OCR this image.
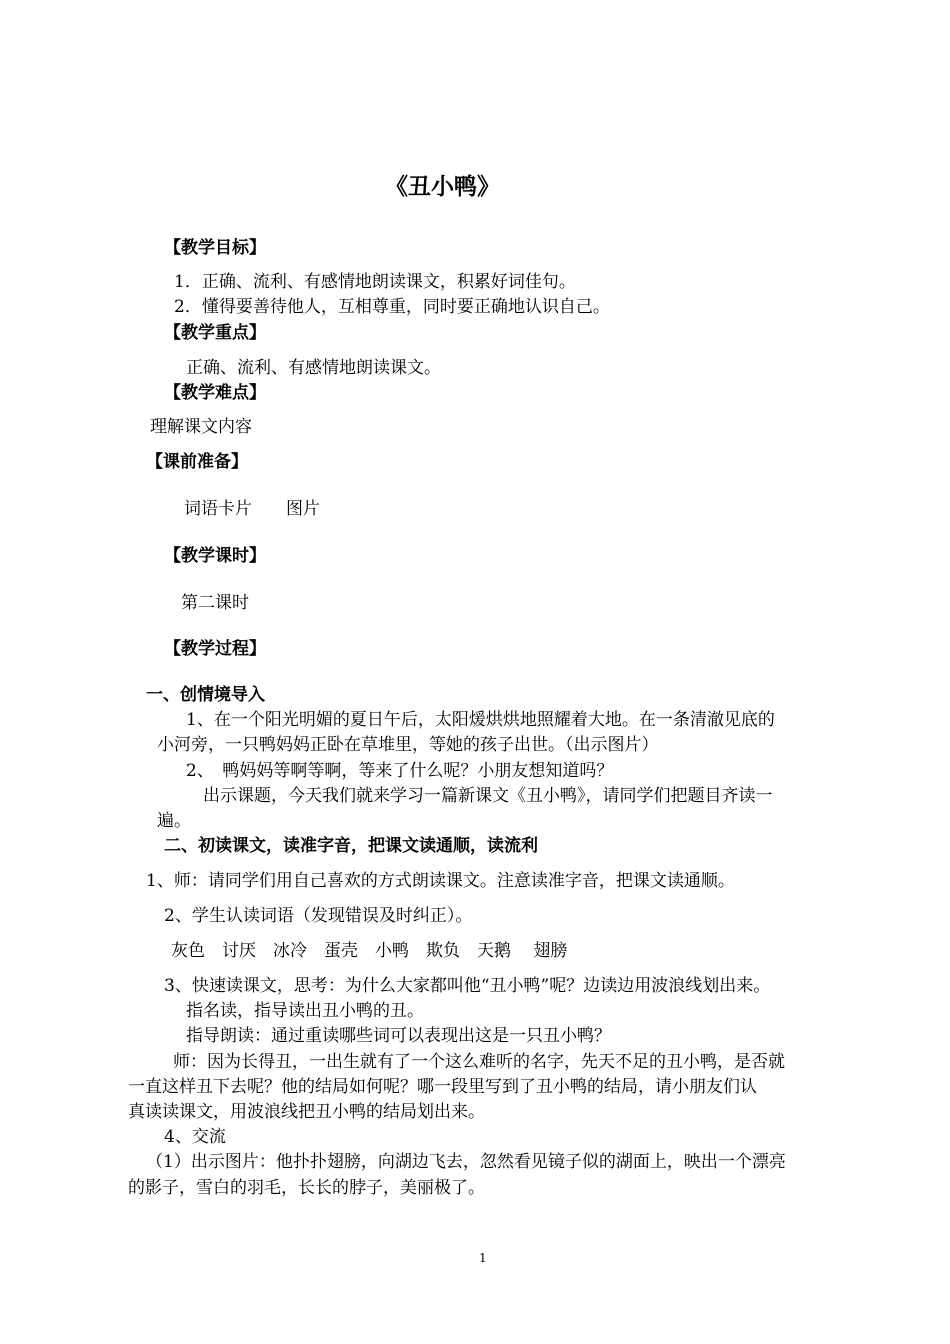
《丑小鸭》
【教学目标】
1．正确、流利、有感情地朗读课文，积累好词佳句。
2．懂得要善待他人，互相尊重，同时要正确地认识自己。
【教学重点】
正确、流利、有感情地朗读课文。
【教学难点】
理解课文内容
【课前准备】
词语卡片　　图片
【教学课时】
第二课时
【教学过程】
一、创情境导入
1、在一个阳光明媚的夏日午后，太阳煖烘烘地照耀着大地。在一条清澈见底的
小河旁，一只鸭妈妈正卧在草堆里，等她的孩子出世。（出示图片）
2、　鸭妈妈等啊等啊，等来了什么呢？小朋友想知道吗？
出示课题，今天我们就来学习一篇新课文《丑小鸭》，请同学们把题目齐读一
遍。
二、初读课文，读准字音，把课文读通顺，读流利
1、师：请同学们用自己喜欢的方式朗读课文。注意读准字音，把课文读通顺。
2、学生认读词语（发现错误及时纠正）。
灰色　讨厌　冰冷　蛋壳　小鸭　欺负　天鹅　 翅膀
3、快速读课文，思考：为什么大家都叫他“丑小鸭”呢？边读边用波浪线划出来。
指名读，指导读出丑小鸭的丑。
指导朗读：通过重读哪些词可以表现出这是一只丑小鸭？
师：因为长得丑，一出生就有了一个这么难听的名字，先天不足的丑小鸭，是否就
一直这样丑下去呢？他的结局如何呢？哪一段里写到了丑小鸭的结局，请小朋友们认
真读读课文，用波浪线把丑小鸭的结局划出来。
4、交流
（1）出示图片：他扑扑翅膀，向湖边飞去，忽然看见镜子似的湖面上，映出一个漂亮
的影子，雪白的羽毛，长长的脖子，美丽极了。
1
